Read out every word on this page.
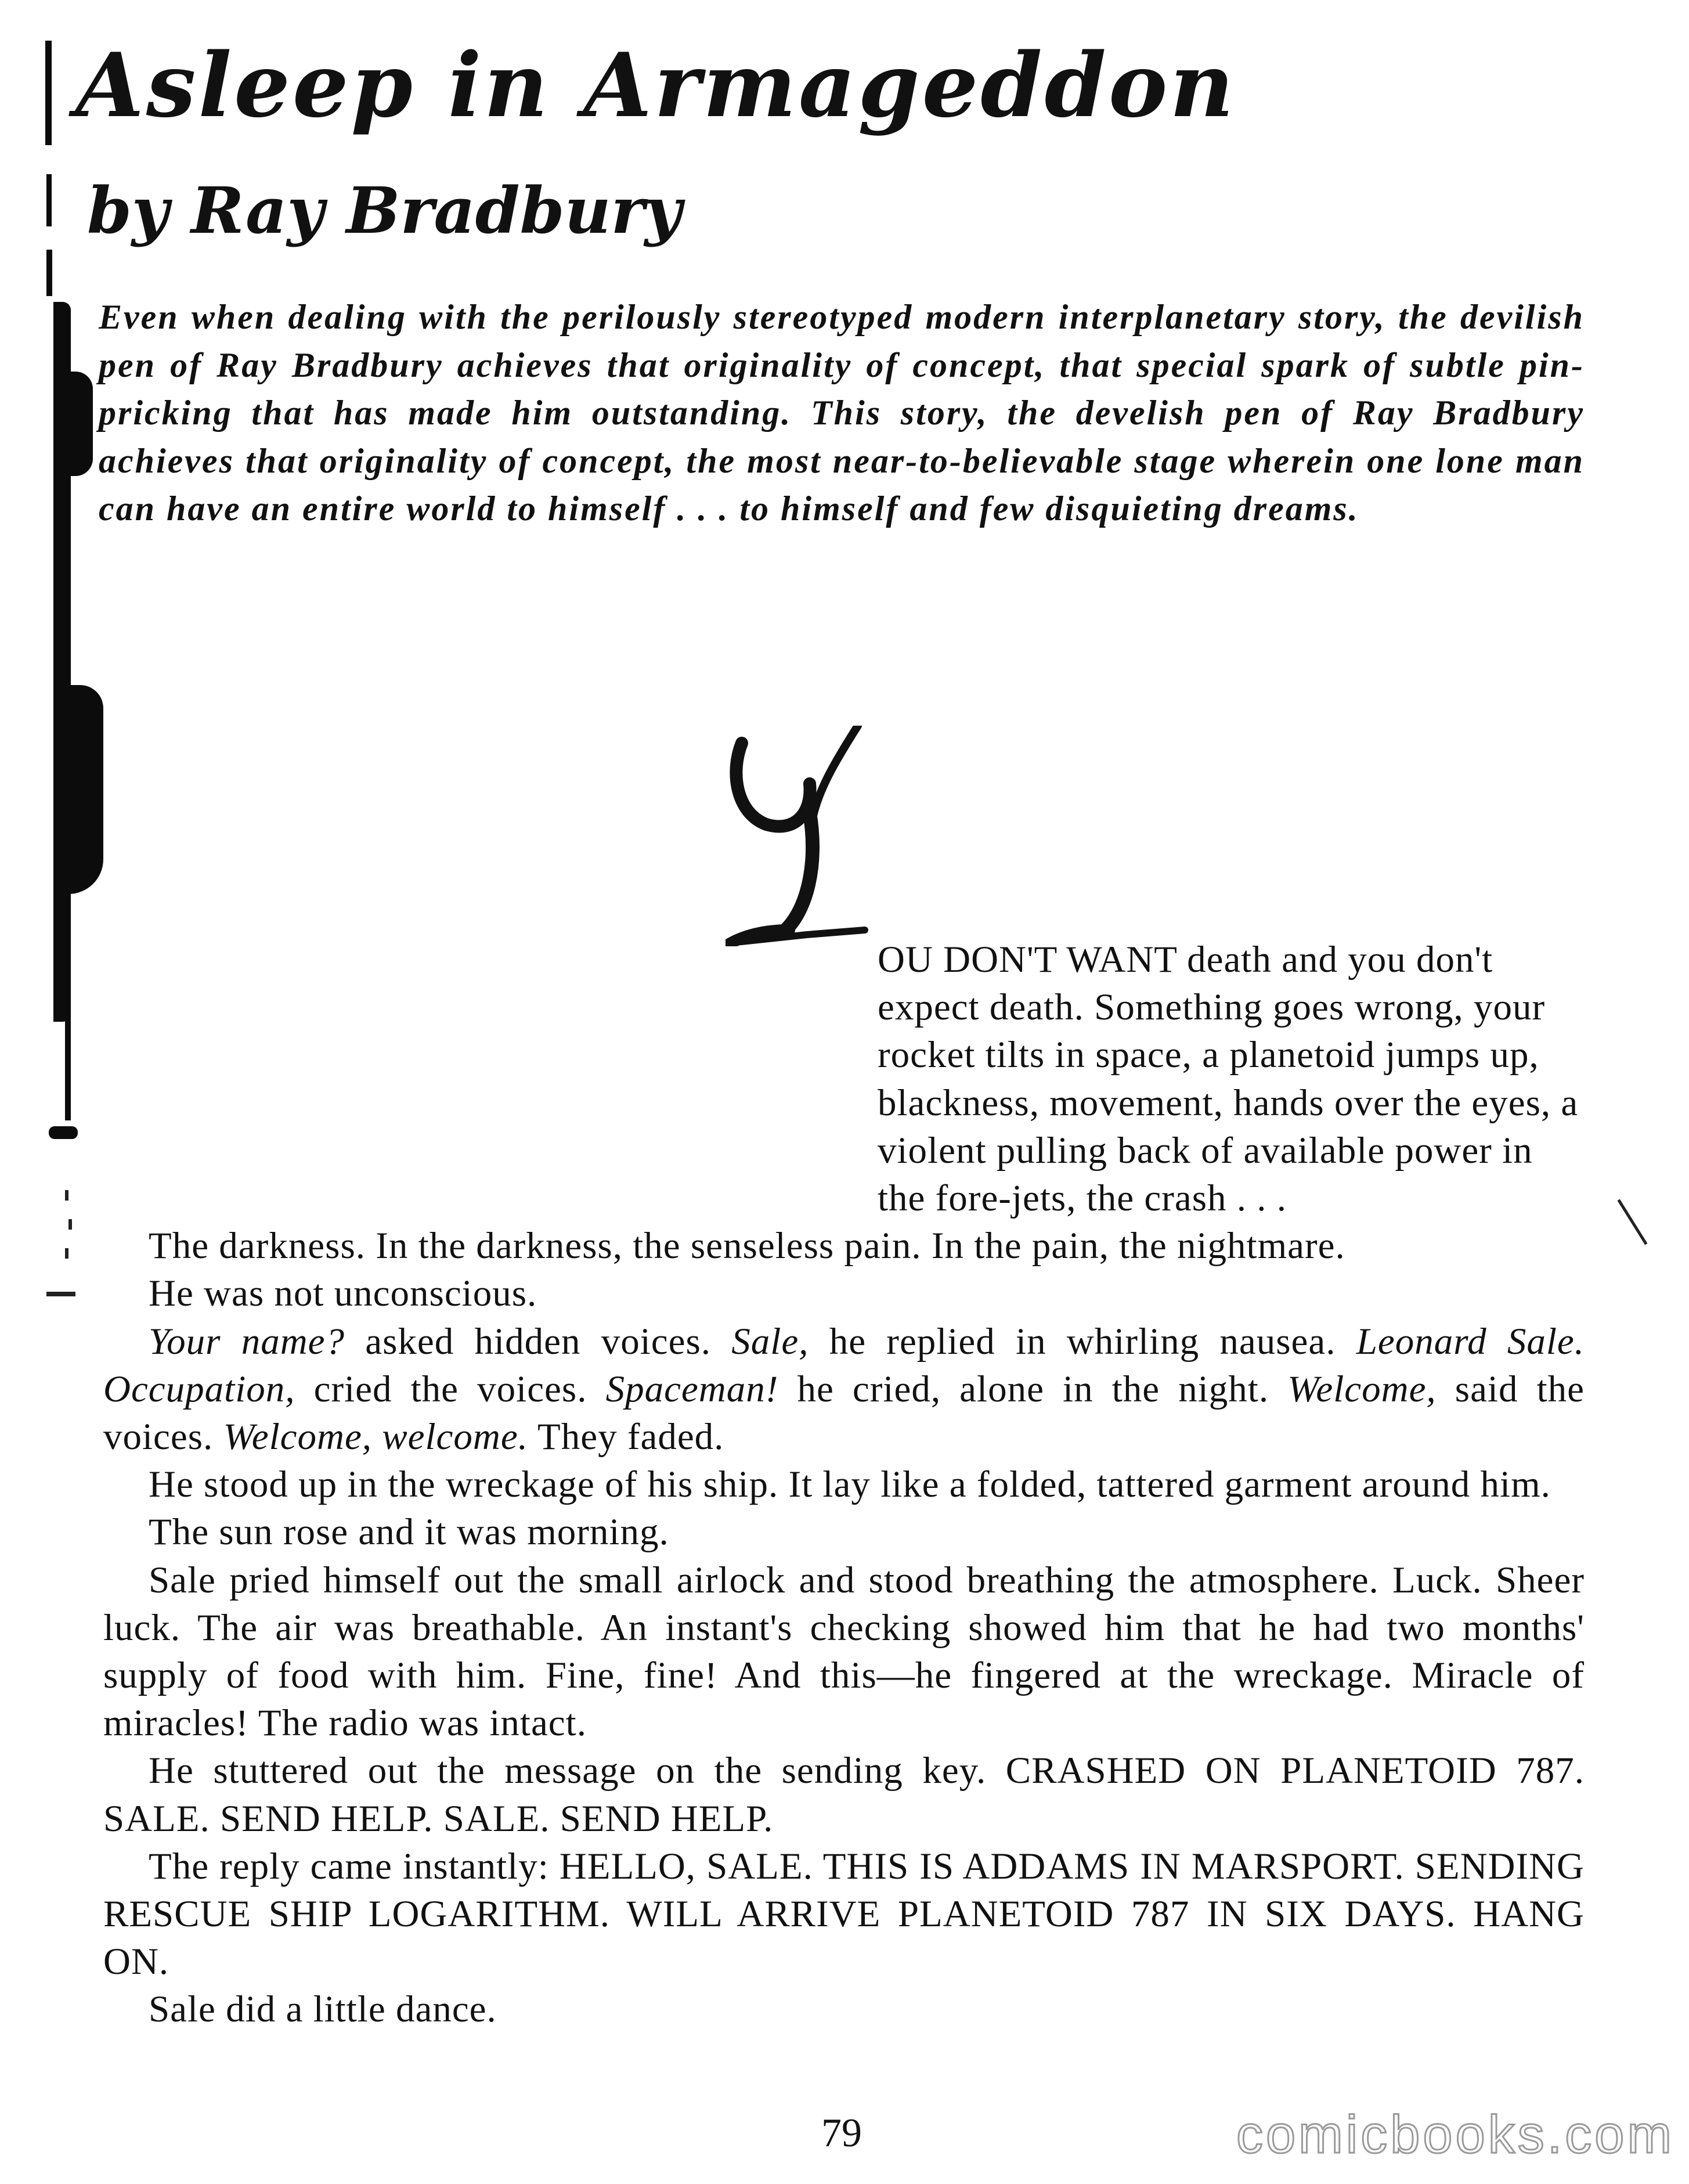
Asleep in Armageddon
by Ray Bradbury

Even when dealing with the perilously stereotyped modern interplanetary story, the devilish pen of Ray Bradbury achieves that originality of concept, that special spark of subtle pin-pricking that has made him outstanding. This story, the develish pen of Ray Bradbury achieves that originality of concept, the most near-to-believable stage wherein one lone man can have an entire world to himself . . . to himself and few disquieting dreams.

OU DON'T WANT death and you don't expect death. Something goes wrong, your rocket tilts in space, a planetoid jumps up, blackness, movement, hands over the eyes, a violent pulling back of available power in the fore-jets, the crash . . .

The darkness. In the darkness, the senseless pain. In the pain, the nightmare.

He was not unconscious.

Your name? asked hidden voices. Sale, he replied in whirling nausea. Leonard Sale. Occupation, cried the voices. Spaceman! he cried, alone in the night. Welcome, said the voices. Welcome, welcome. They faded.

He stood up in the wreckage of his ship. It lay like a folded, tattered garment around him.

The sun rose and it was morning.

Sale pried himself out the small airlock and stood breathing the atmosphere. Luck. Sheer luck. The air was breathable. An instant's checking showed him that he had two months' supply of food with him. Fine, fine! And this—he fingered at the wreckage. Miracle of miracles! The radio was intact.

He stuttered out the message on the sending key. CRASHED ON PLANETOID 787. SALE. SEND HELP. SALE. SEND HELP.

The reply came instantly: HELLO, SALE. THIS IS ADDAMS IN MARSPORT. SENDING RESCUE SHIP LOGARITHM. WILL ARRIVE PLANETOID 787 IN SIX DAYS. HANG ON.

Sale did a little dance.

79	comicbooks.com
